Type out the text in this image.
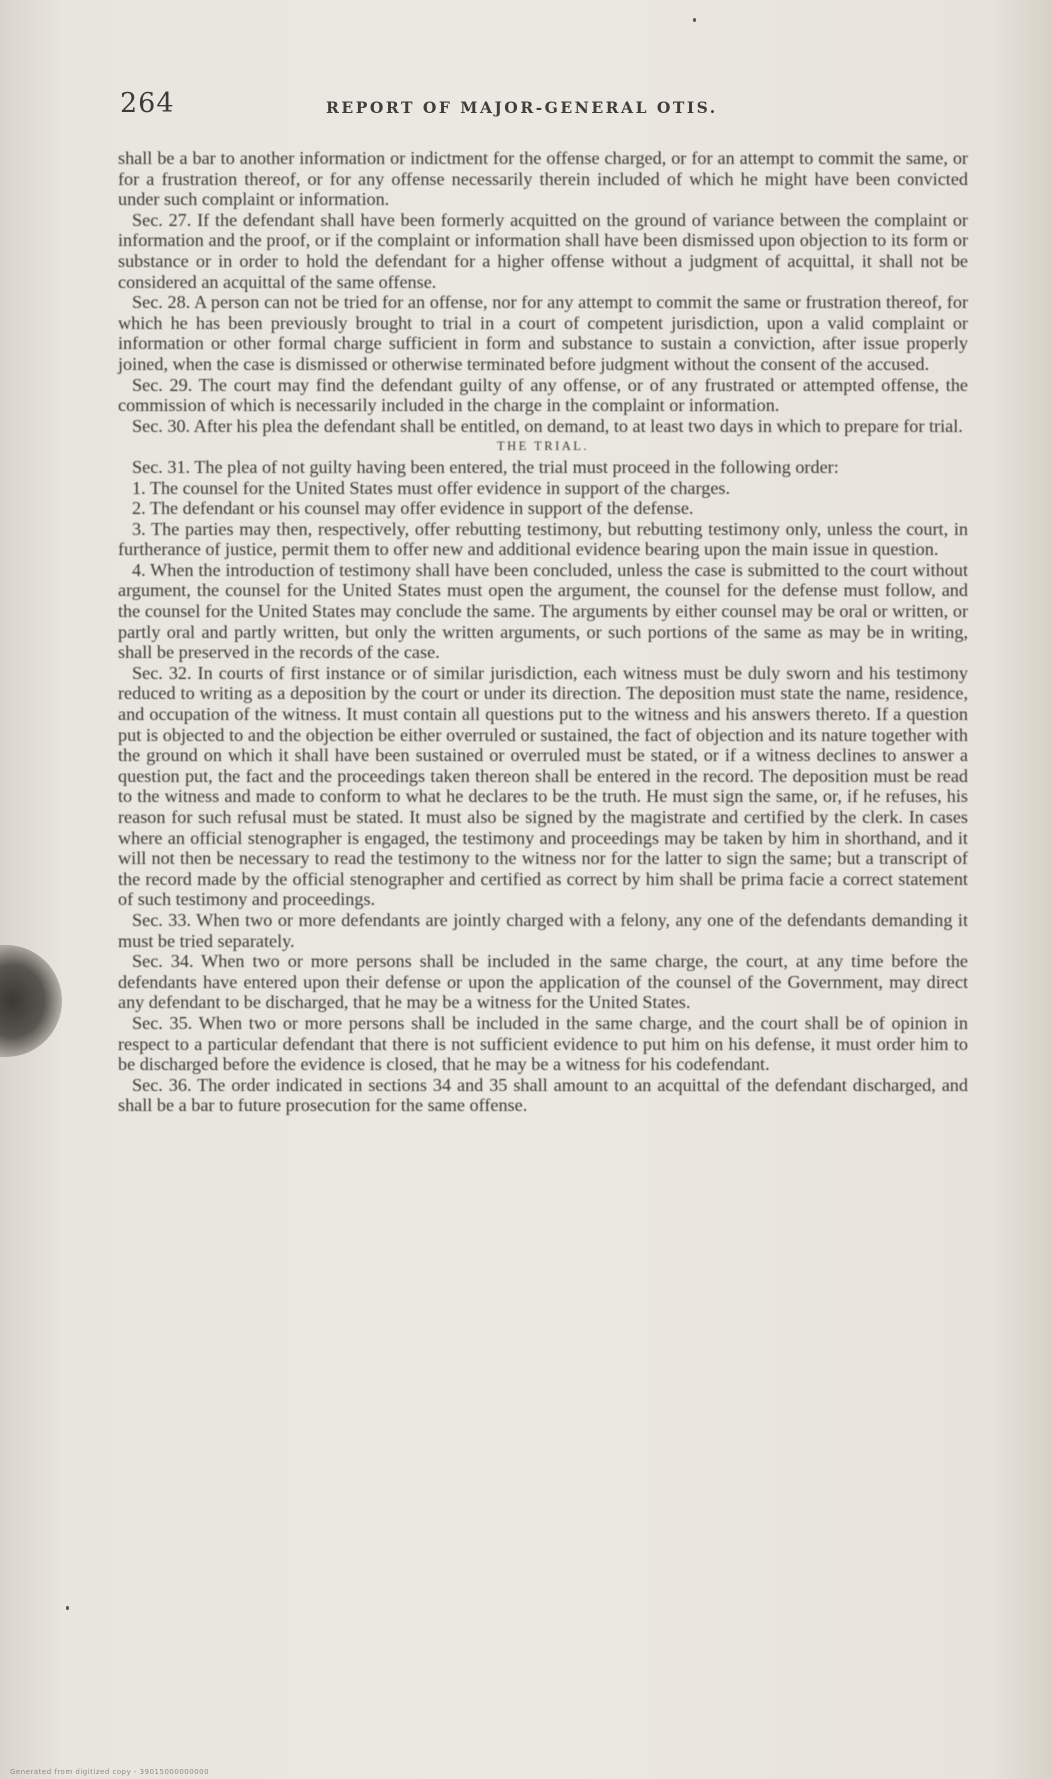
264	REPORT OF MAJOR-GENERAL OTIS.

shall be a bar to another information or indictment for the offense charged, or for an attempt to commit the same, or for a frustration thereof, or for any offense necessarily therein included of which he might have been convicted under such complaint or information.

Sec. 27. If the defendant shall have been formerly acquitted on the ground of variance between the complaint or information and the proof, or if the complaint or information shall have been dismissed upon objection to its form or substance or in order to hold the defendant for a higher offense without a judgment of acquittal, it shall not be considered an acquittal of the same offense.

Sec. 28. A person can not be tried for an offense, nor for any attempt to commit the same or frustration thereof, for which he has been previously brought to trial in a court of competent jurisdiction, upon a valid complaint or information or other formal charge sufficient in form and substance to sustain a conviction, after issue properly joined, when the case is dismissed or otherwise terminated before judgment without the consent of the accused.

Sec. 29. The court may find the defendant guilty of any offense, or of any frustrated or attempted offense, the commission of which is necessarily included in the charge in the complaint or information.

Sec. 30. After his plea the defendant shall be entitled, on demand, to at least two days in which to prepare for trial.

THE TRIAL.

Sec. 31. The plea of not guilty having been entered, the trial must proceed in the following order:

1. The counsel for the United States must offer evidence in support of the charges.

2. The defendant or his counsel may offer evidence in support of the defense.

3. The parties may then, respectively, offer rebutting testimony, but rebutting testimony only, unless the court, in furtherance of justice, permit them to offer new and additional evidence bearing upon the main issue in question.

4. When the introduction of testimony shall have been concluded, unless the case is submitted to the court without argument, the counsel for the United States must open the argument, the counsel for the defense must follow, and the counsel for the United States may conclude the same. The arguments by either counsel may be oral or written, or partly oral and partly written, but only the written arguments, or such portions of the same as may be in writing, shall be preserved in the records of the case.

Sec. 32. In courts of first instance or of similar jurisdiction, each witness must be duly sworn and his testimony reduced to writing as a deposition by the court or under its direction. The deposition must state the name, residence, and occupation of the witness. It must contain all questions put to the witness and his answers thereto. If a question put is objected to and the objection be either overruled or sustained, the fact of objection and its nature together with the ground on which it shall have been sustained or overruled must be stated, or if a witness declines to answer a question put, the fact and the proceedings taken thereon shall be entered in the record. The deposition must be read to the witness and made to conform to what he declares to be the truth. He must sign the same, or, if he refuses, his reason for such refusal must be stated. It must also be signed by the magistrate and certified by the clerk. In cases where an official stenographer is engaged, the testimony and proceedings may be taken by him in shorthand, and it will not then be necessary to read the testimony to the witness nor for the latter to sign the same; but a transcript of the record made by the official stenographer and certified as correct by him shall be prima facie a correct statement of such testimony and proceedings.

Sec. 33. When two or more defendants are jointly charged with a felony, any one of the defendants demanding it must be tried separately.

Sec. 34. When two or more persons shall be included in the same charge, the court, at any time before the defendants have entered upon their defense or upon the application of the counsel of the Government, may direct any defendant to be discharged, that he may be a witness for the United States.

Sec. 35. When two or more persons shall be included in the same charge, and the court shall be of opinion in respect to a particular defendant that there is not sufficient evidence to put him on his defense, it must order him to be discharged before the evidence is closed, that he may be a witness for his codefendant.

Sec. 36. The order indicated in sections 34 and 35 shall amount to an acquittal of the defendant discharged, and shall be a bar to future prosecution for the same offense.

Generated from digitized copy - 39015000000000
